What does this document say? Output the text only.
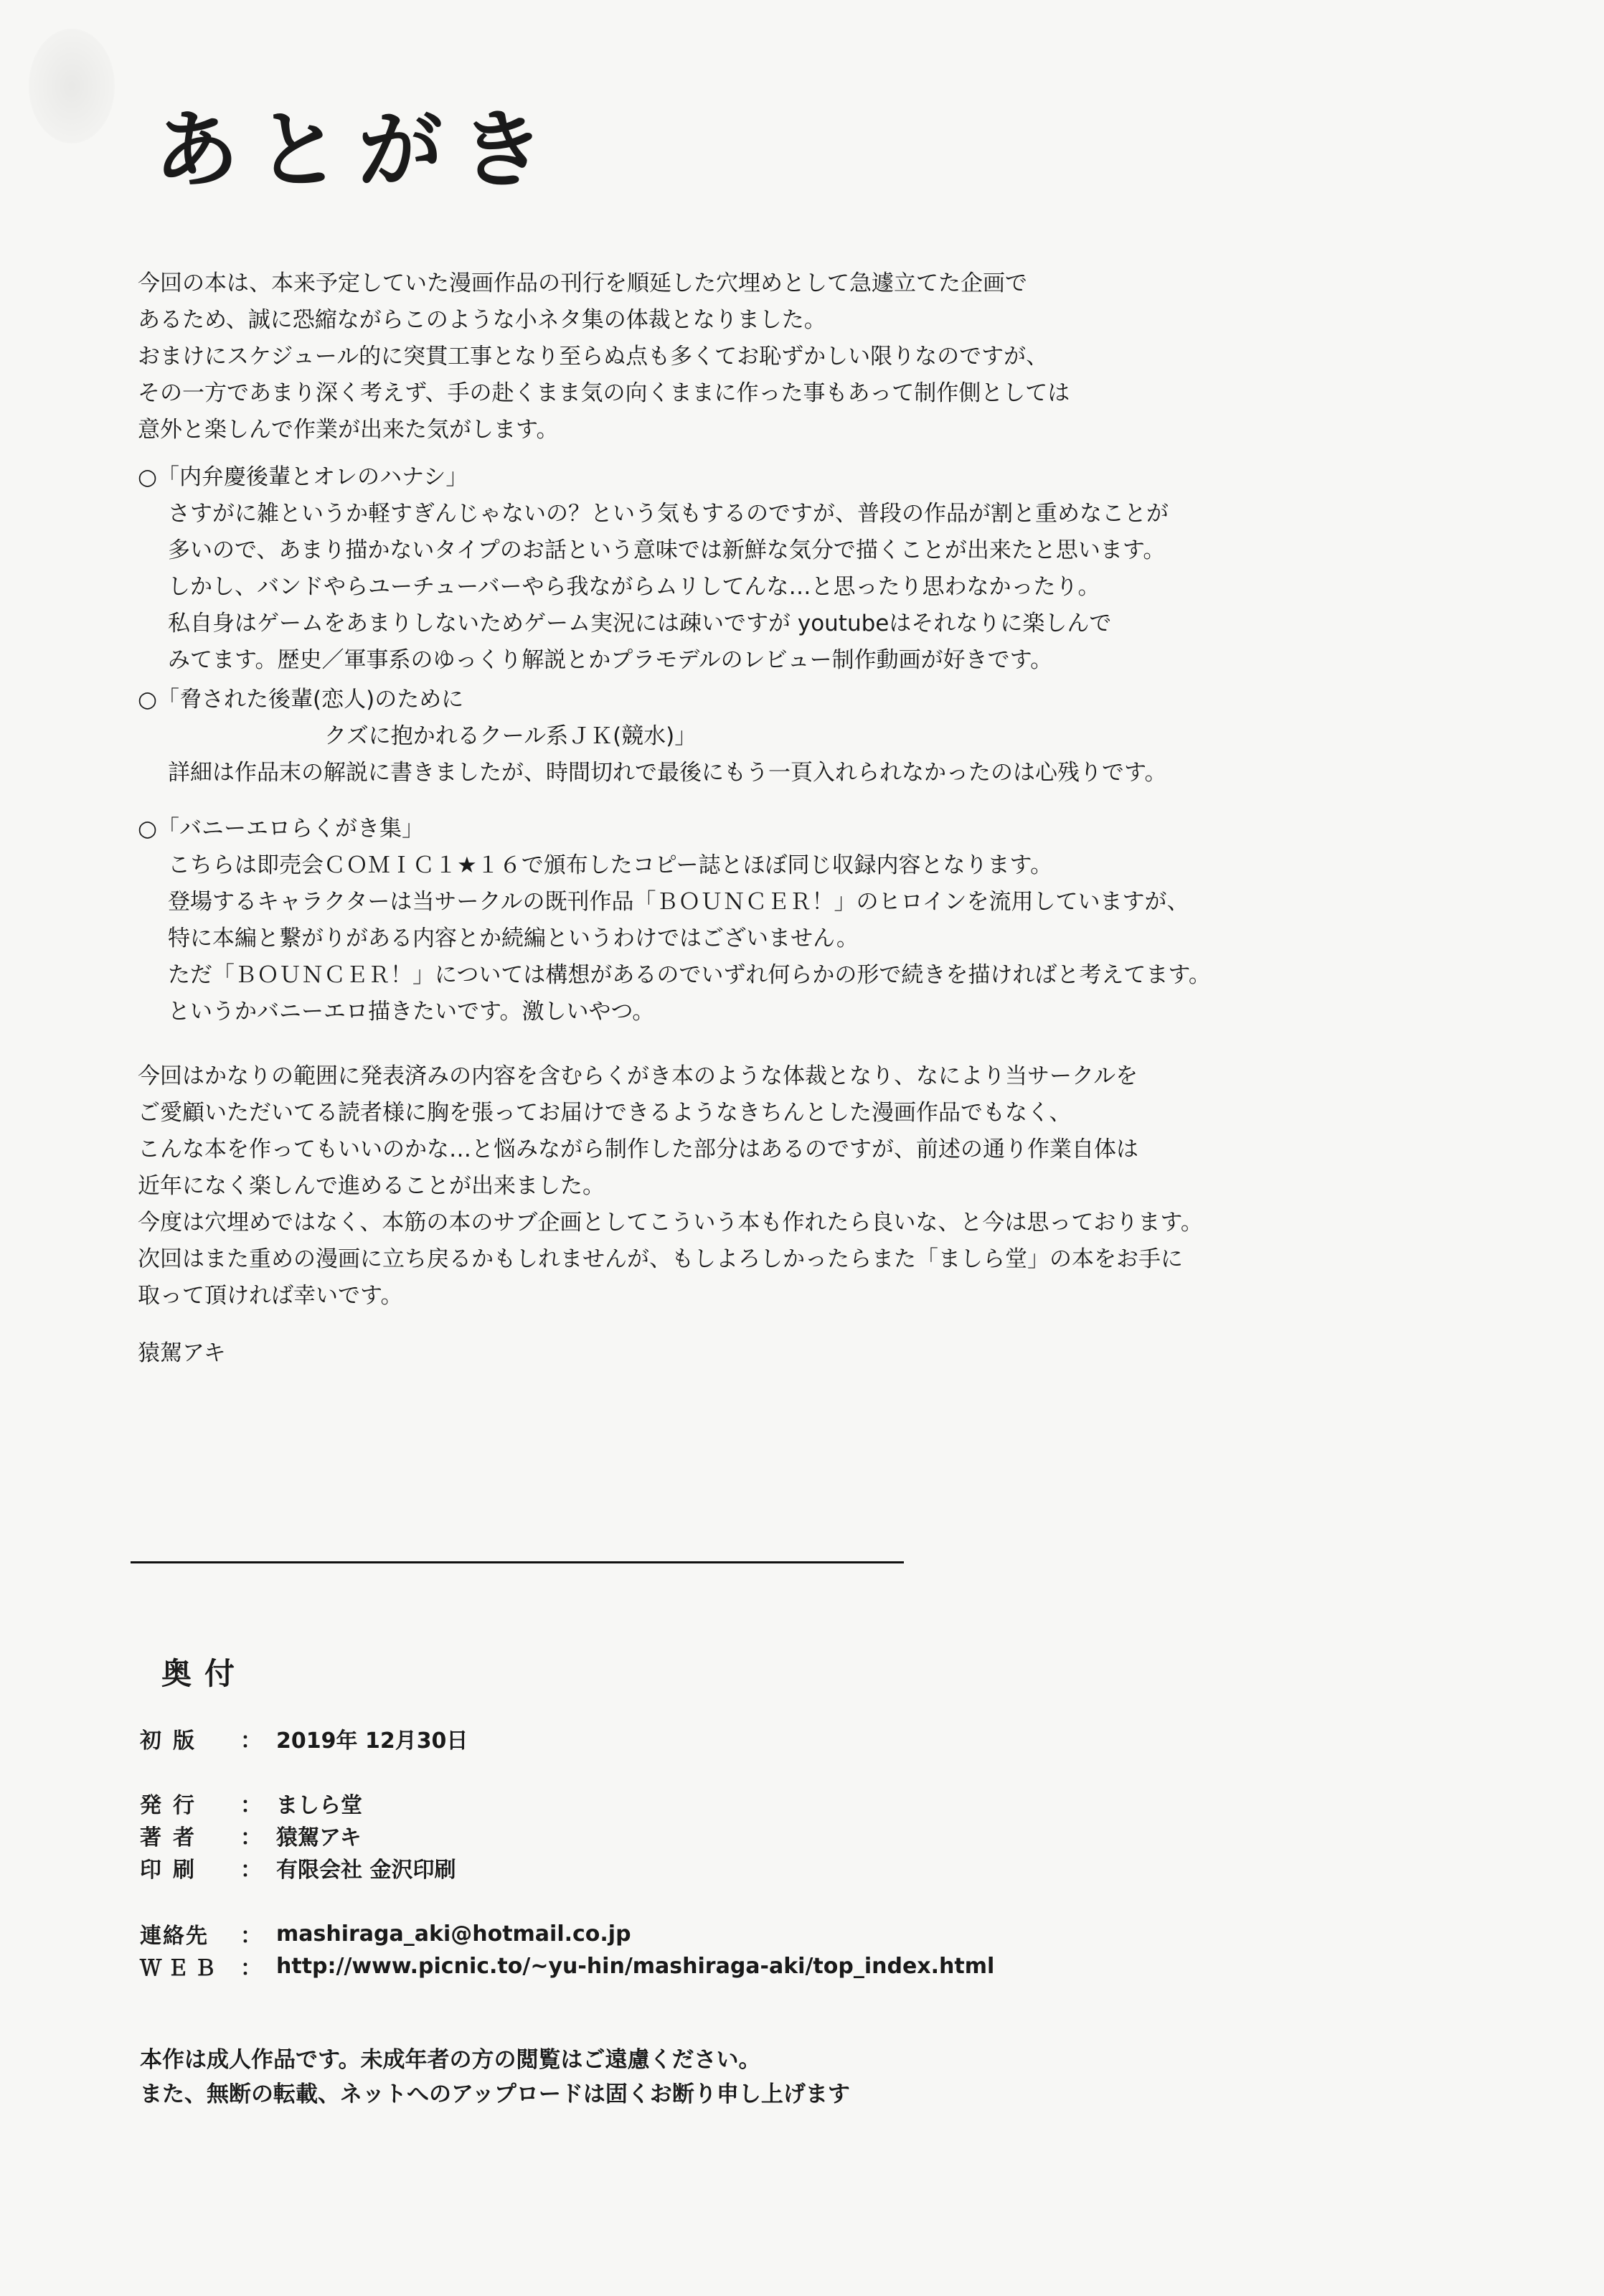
あとがき
今回の本は、本来予定していた漫画作品の刊行を順延した穴埋めとして急遽立てた企画で
あるため、誠に恐縮ながらこのような小ネタ集の体裁となりました。
おまけにスケジュール的に突貫工事となり至らぬ点も多くてお恥ずかしい限りなのですが、
その一方であまり深く考えず、手の赴くまま気の向くままに作った事もあって制作側としては
意外と楽しんで作業が出来た気がします。
○「内弁慶後輩とオレのハナシ」
さすがに雑というか軽すぎんじゃないの？という気もするのですが、普段の作品が割と重めなことが
多いので、あまり描かないタイプのお話という意味では新鮮な気分で描くことが出来たと思います。
しかし、バンドやらユーチューバーやら我ながらムリしてんな…と思ったり思わなかったり。
私自身はゲームをあまりしないためゲーム実況には疎いですが youtubeはそれなりに楽しんで
みてます。歴史／軍事系のゆっくり解説とかプラモデルのレビュー制作動画が好きです。
○「脅された後輩(恋人)のために
クズに抱かれるクール系ＪＫ(競水)」
詳細は作品末の解説に書きましたが、時間切れで最後にもう一頁入れられなかったのは心残りです。
○「バニーエロらくがき集」
こちらは即売会ＣＯＭＩＣ１★１６で頒布したコピー誌とほぼ同じ収録内容となります。
登場するキャラクターは当サークルの既刊作品「ＢＯＵＮＣＥＲ！」のヒロインを流用していますが、
特に本編と繋がりがある内容とか続編というわけではございません。
ただ「ＢＯＵＮＣＥＲ！」については構想があるのでいずれ何らかの形で続きを描ければと考えてます。
というかバニーエロ描きたいです。激しいやつ。
今回はかなりの範囲に発表済みの内容を含むらくがき本のような体裁となり、なにより当サークルを
ご愛顧いただいてる読者様に胸を張ってお届けできるようなきちんとした漫画作品でもなく、
こんな本を作ってもいいのかな…と悩みながら制作した部分はあるのですが、前述の通り作業自体は
近年になく楽しんで進めることが出来ました。
今度は穴埋めではなく、本筋の本のサブ企画としてこういう本も作れたら良いな、と今は思っております。
次回はまた重めの漫画に立ち戻るかもしれませんが、もしよろしかったらまた「ましら堂」の本をお手に
取って頂ければ幸いです。
猿駕アキ
奥付
初版	： 2019年 12月30日
発行	： ましら堂
著者	： 猿駕アキ
印刷	： 有限会社 金沢印刷
連絡先	： mashiraga_aki@hotmail.co.jp
ＷＥＢ ： http://www.picnic.to/~yu-hin/mashiraga-aki/top_index.html
本作は成人作品です。未成年者の方の閲覧はご遠慮ください。
また、無断の転載、ネットへのアップロードは固くお断り申し上げます
